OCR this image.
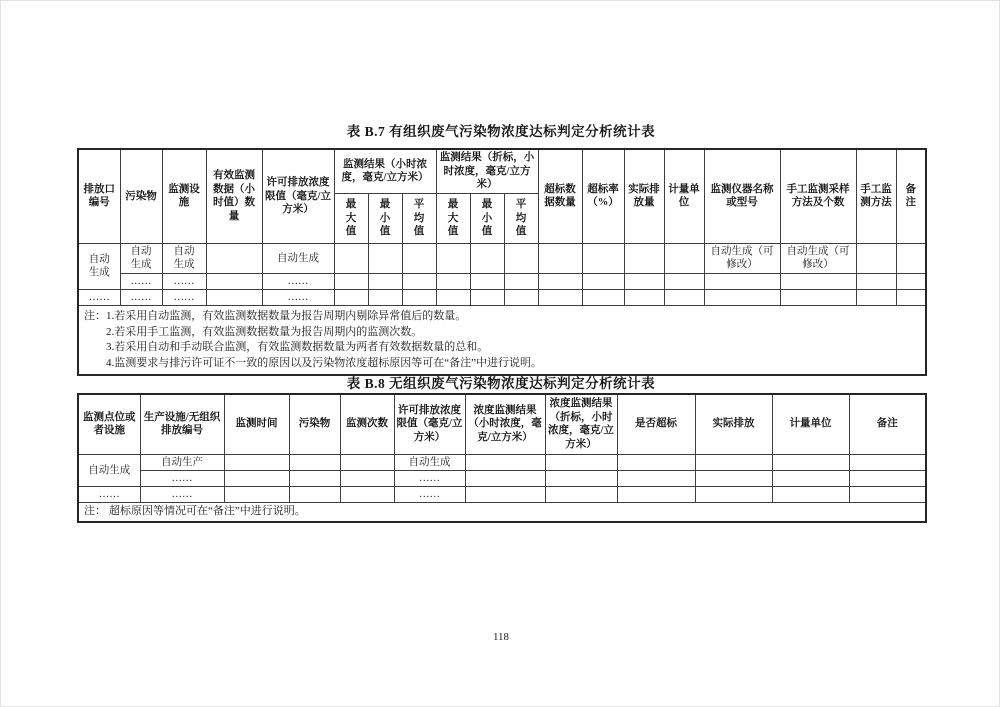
表 B.7 有组织废气污染物浓度达标判定分析统计表
排放口编号	污染物	监测设施	有效监测数据（小时值）数量	许可排放浓度限值（毫克/立方米）	监测结果（小时浓度，毫克/立方米）			监测结果（折标，小时浓度，毫克/立方米）			超标数据数量	超标率（%）	实际排放量	计量单位	监测仪器名称或型号	手工监测采样方法及个数	手工监测方法	备注
					最大值	最小值	平均值	最大值	最小值	平均值								
自动生成	自动生成	自动生成		自动生成											自动生成（可修改）	自动生成（可修改）		
	……	……		……														
……	……	……		……														

注： 1.若采用自动监测，有效监测数据数量为报告周期内剔除异常值后的数量。
2.若采用手工监测，有效监测数据数量为报告周期内的监测次数。
3.若采用自动和手动联合监测，有效监测数据数量为两者有效数据数量的总和。
4.监测要求与排污许可证不一致的原因以及污染物浓度超标原因等可在“备注”中进行说明。																		
表 B.8 无组织废气污染物浓度达标判定分析统计表
监测点位或者设施	生产设施/无组织排放编号	监测时间	污染物	监测次数	许可排放浓度限值（毫克/立方米）	浓度监测结果（小时浓度，毫克/立方米）	浓度监测结果（折标，小时浓度，毫克/立方米）	是否超标	实际排放	计量单位	备注
自动生成	自动生产				自动生成						
	……				……						
……	……				……						
注： 超标原因等情况可在“备注”中进行说明。											
118
